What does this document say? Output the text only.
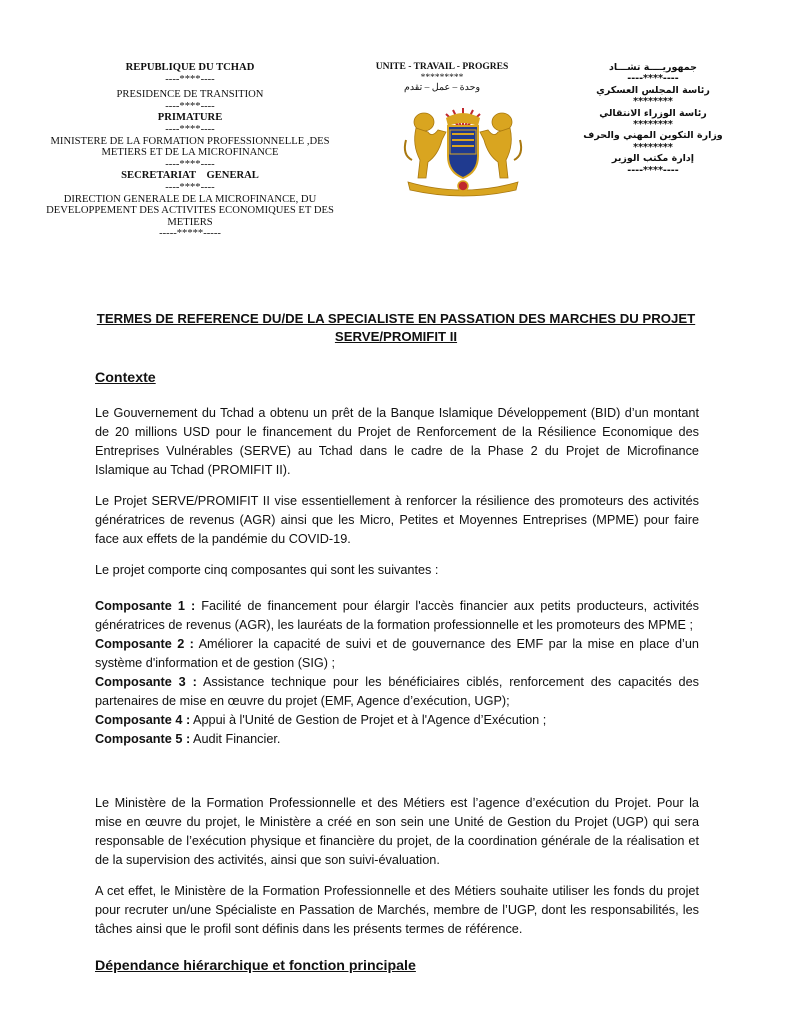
REPUBLIQUE DU TCHAD
----****----
PRESIDENCE DE TRANSITION
----****----
PRIMATURE
----****----
MINISTERE DE LA FORMATION PROFESSIONNELLE ,DES METIERS ET DE LA MICROFINANCE
----****----
SECRETARIAT    GENERAL
----****----
DIRECTION GENERALE DE LA MICROFINANCE, DU DEVELOPPEMENT DES ACTIVITES ECONOMIQUES ET DES METIERS
-----*****-----
UNITE - TRAVAIL - PROGRES
*********
وحدة – عمل – تقدم
جمهوريــــة تشـــاد
----****----
رئاسة المجلس العسكري
********
رئاسة الوزراء الانتقالي
********
وزارة التكوين المهني والحرف
********
إدارة مكتب الوزير
----****----
TERMES DE REFERENCE DU/DE LA SPECIALISTE EN PASSATION DES MARCHES DU PROJET SERVE/PROMIFIT II
Contexte
Le Gouvernement du Tchad a obtenu un prêt de la Banque Islamique Développement (BID) d’un montant de 20 millions USD pour le financement du Projet de Renforcement de la Résilience Economique des Entreprises Vulnérables (SERVE) au Tchad dans le cadre de la Phase 2 du Projet de Microfinance Islamique au Tchad (PROMIFIT II).
Le Projet SERVE/PROMIFIT II vise essentiellement à renforcer la résilience des promoteurs des activités génératrices de revenus (AGR) ainsi que les Micro, Petites et Moyennes Entreprises (MPME) pour faire face aux effets de la pandémie du COVID-19.
Le projet comporte cinq composantes qui sont les suivantes :
Composante 1 : Facilité de financement pour élargir l'accès financier aux petits producteurs, activités génératrices de revenus (AGR), les lauréats de la formation professionnelle et les promoteurs des MPME ;
Composante 2 : Améliorer la capacité de suivi et de gouvernance des EMF par la mise en place d’un système d'information et de gestion (SIG) ;
Composante 3 : Assistance technique pour les bénéficiaires ciblés, renforcement des capacités des partenaires de mise en œuvre du projet (EMF, Agence d’exécution, UGP);
Composante 4 : Appui à l'Unité de Gestion de Projet et à l'Agence d’Exécution ;
Composante 5 : Audit Financier.
Le Ministère de la Formation Professionnelle et des Métiers est l’agence d’exécution du Projet. Pour la mise en œuvre du projet, le Ministère a créé en son sein une Unité de Gestion du Projet (UGP) qui sera responsable de l’exécution physique et financière du projet, de la coordination générale de la réalisation et de la supervision des activités, ainsi que son suivi-évaluation.
A cet effet, le Ministère de la Formation Professionnelle et des Métiers souhaite utiliser les fonds du projet pour recruter un/une Spécialiste en Passation de Marchés, membre de l’UGP, dont les responsabilités, les tâches ainsi que le profil sont définis dans les présents termes de référence.
Dépendance hiérarchique et fonction principale
